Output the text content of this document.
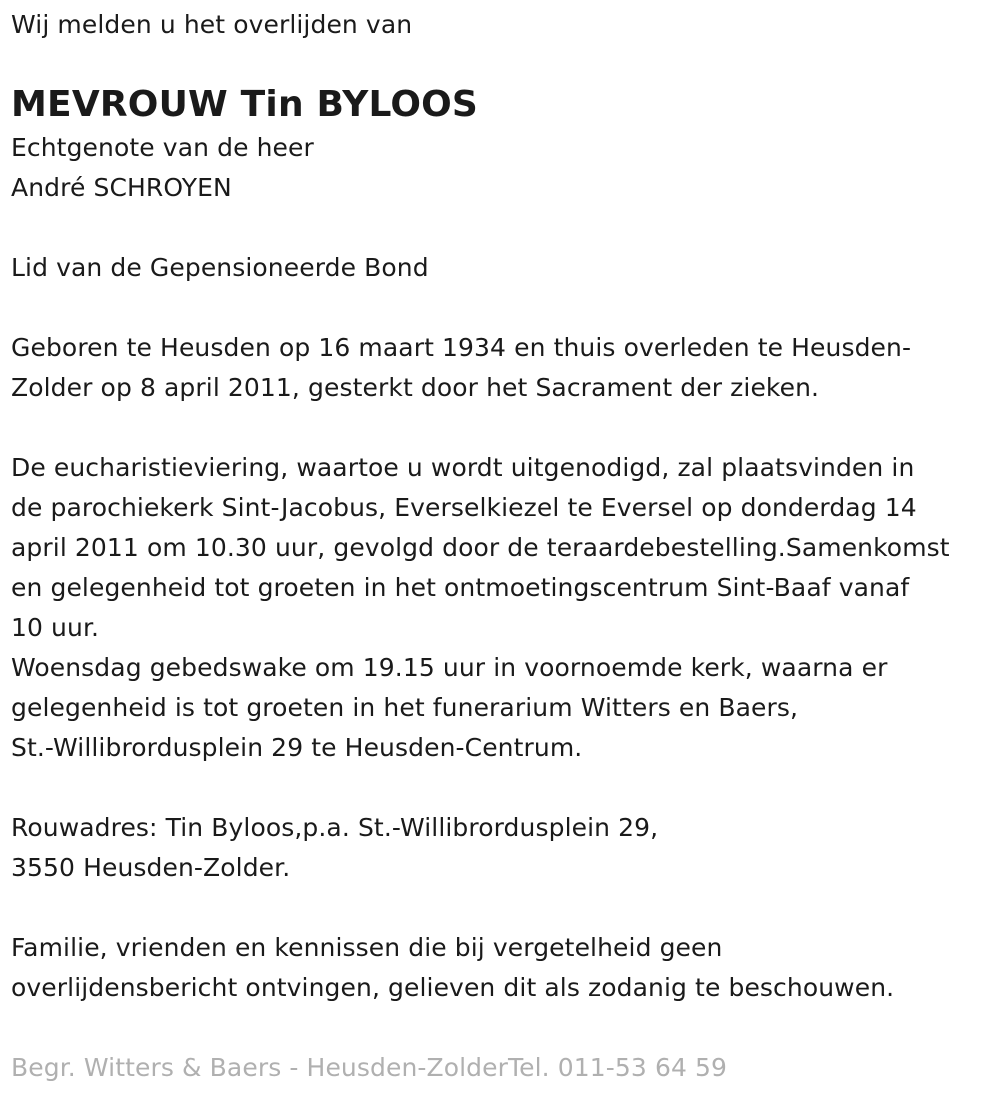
Wij melden u het overlijden van
MEVROUW Tin BYLOOS
Echtgenote van de heer
André SCHROYEN
Lid van de Gepensioneerde Bond
Geboren te Heusden op 16 maart 1934 en thuis overleden te Heusden-
Zolder op 8 april 2011, gesterkt door het Sacrament der zieken.
De eucharistieviering, waartoe u wordt uitgenodigd, zal plaatsvinden in
de parochiekerk Sint-Jacobus, Everselkiezel te Eversel op donderdag 14
april 2011 om 10.30 uur, gevolgd door de teraardebestelling.Samenkomst
en gelegenheid tot groeten in het ontmoetingscentrum Sint-Baaf vanaf
10 uur.
Woensdag gebedswake om 19.15 uur in voornoemde kerk, waarna er
gelegenheid is tot groeten in het funerarium Witters en Baers,
St.-Willibrordusplein 29 te Heusden-Centrum.
Rouwadres: Tin Byloos,p.a. St.-Willibrordusplein 29,
3550 Heusden-Zolder.
Familie, vrienden en kennissen die bij vergetelheid geen
overlijdensbericht ontvingen, gelieven dit als zodanig te beschouwen.
Begr. Witters & Baers - Heusden-ZolderTel. 011-53 64 59
